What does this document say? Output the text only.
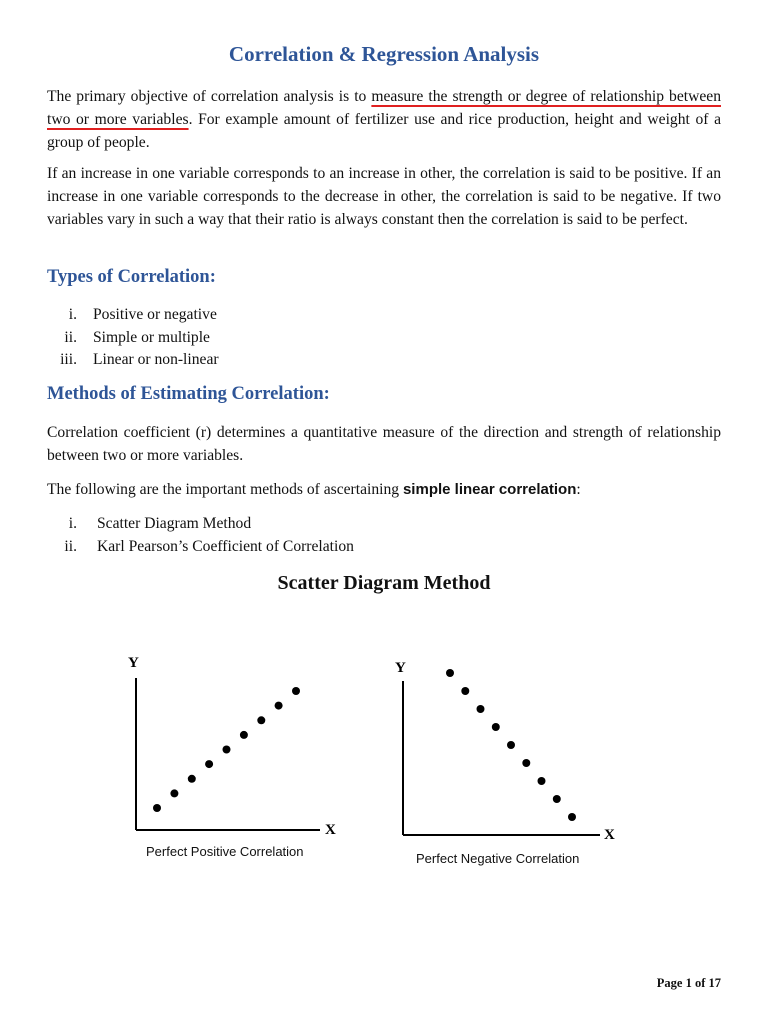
Correlation & Regression Analysis
The primary objective of correlation analysis is to measure the strength or degree of relationship between two or more variables. For example amount of fertilizer use and rice production, height and weight of a group of people.
If an increase in one variable corresponds to an increase in other, the correlation is said to be positive. If an increase in one variable corresponds to the decrease in other, the correlation is said to be negative. If two variables vary in such a way that their ratio is always constant then the correlation is said to be perfect.
Types of Correlation:
i. Positive or negative
ii. Simple or multiple
iii. Linear or non-linear
Methods of Estimating Correlation:
Correlation coefficient (r) determines a quantitative measure of the direction and strength of relationship between two or more variables.
The following are the important methods of ascertaining simple linear correlation:
i. Scatter Diagram Method
ii. Karl Pearson’s Coefficient of Correlation
Scatter Diagram Method
Y
X
Perfect Positive Correlation
Y
X
Perfect Negative Correlation
Page 1 of 17
